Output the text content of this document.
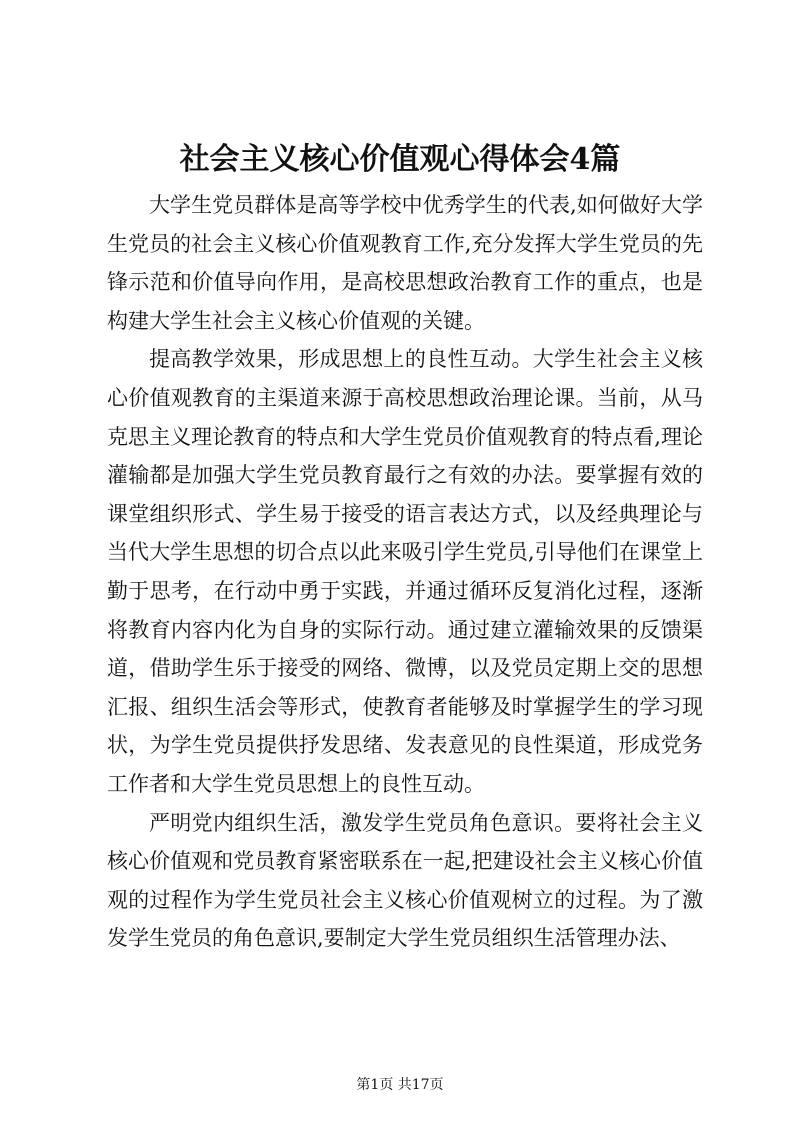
社会主义核心价值观心得体会4篇

大学生党员群体是高等学校中优秀学生的代表,如何做好大学生党员的社会主义核心价值观教育工作,充分发挥大学生党员的先锋示范和价值导向作用，是高校思想政治教育工作的重点，也是构建大学生社会主义核心价值观的关键。

提高教学效果，形成思想上的良性互动。大学生社会主义核心价值观教育的主渠道来源于高校思想政治理论课。当前，从马克思主义理论教育的特点和大学生党员价值观教育的特点看,理论灌输都是加强大学生党员教育最行之有效的办法。要掌握有效的课堂组织形式、学生易于接受的语言表达方式，以及经典理论与当代大学生思想的切合点以此来吸引学生党员,引导他们在课堂上勤于思考，在行动中勇于实践，并通过循环反复消化过程，逐渐将教育内容内化为自身的实际行动。通过建立灌输效果的反馈渠道，借助学生乐于接受的网络、微博，以及党员定期上交的思想汇报、组织生活会等形式，使教育者能够及时掌握学生的学习现状，为学生党员提供抒发思绪、发表意见的良性渠道，形成党务工作者和大学生党员思想上的良性互动。

严明党内组织生活，激发学生党员角色意识。要将社会主义核心价值观和党员教育紧密联系在一起,把建设社会主义核心价值观的过程作为学生党员社会主义核心价值观树立的过程。为了激发学生党员的角色意识,要制定大学生党员组织生活管理办法、

第1页 共17页
